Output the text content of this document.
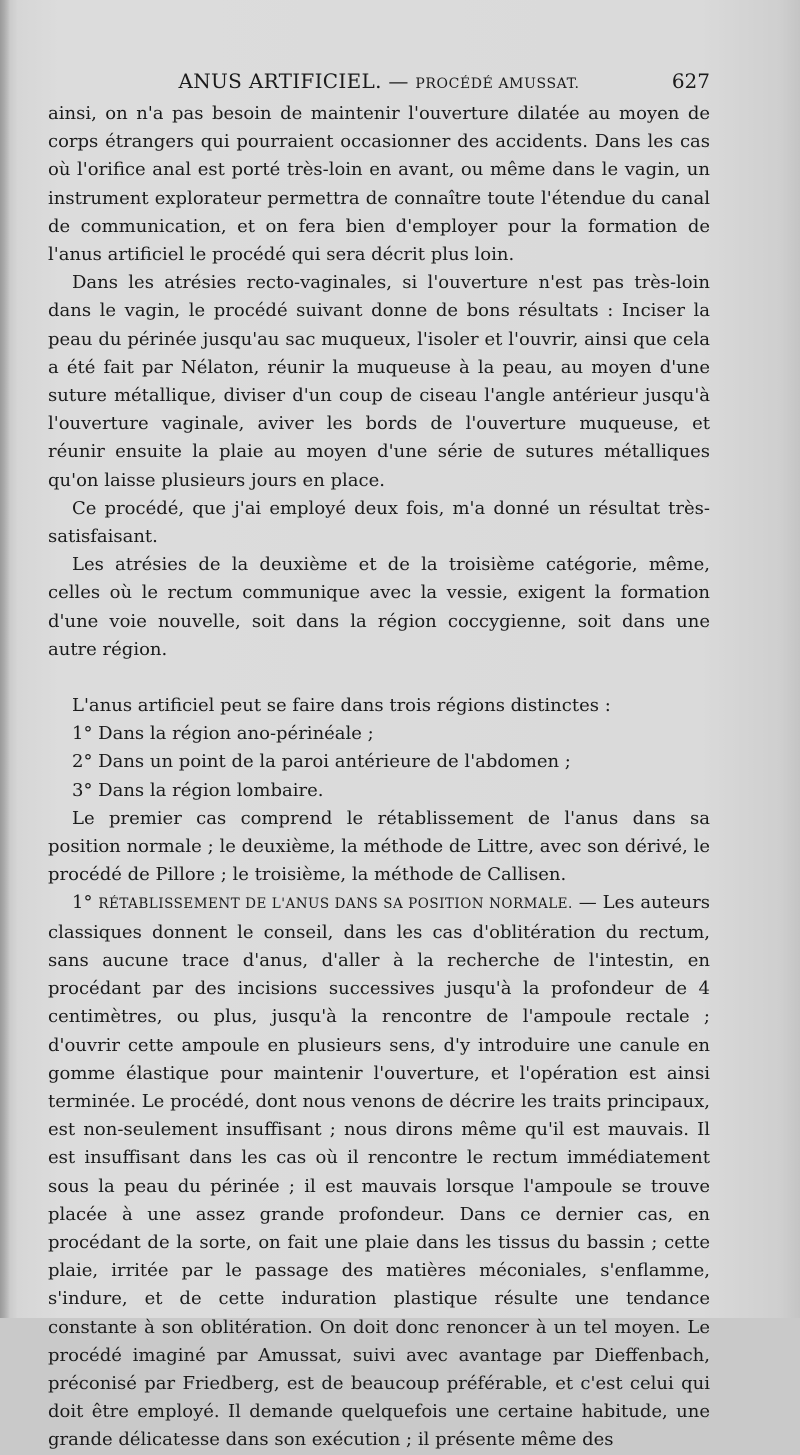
ANUS ARTIFICIEL. — PROCÉDÉ AMUSSAT.	627

ainsi, on n'a pas besoin de maintenir l'ouverture dilatée au moyen de corps étrangers qui pourraient occasionner des accidents. Dans les cas où l'orifice anal est porté très-loin en avant, ou même dans le vagin, un instrument explorateur permettra de connaître toute l'étendue du canal de communication, et on fera bien d'employer pour la formation de l'anus artificiel le procédé qui sera décrit plus loin.

Dans les atrésies recto-vaginales, si l'ouverture n'est pas très-loin dans le vagin, le procédé suivant donne de bons résultats : Inciser la peau du périnée jusqu'au sac muqueux, l'isoler et l'ouvrir, ainsi que cela a été fait par Nélaton, réunir la muqueuse à la peau, au moyen d'une suture métallique, diviser d'un coup de ciseau l'angle antérieur jusqu'à l'ouverture vaginale, aviver les bords de l'ouverture muqueuse, et réunir ensuite la plaie au moyen d'une série de sutures métalliques qu'on laisse plusieurs jours en place.

Ce procédé, que j'ai employé deux fois, m'a donné un résultat très-satisfaisant.

Les atrésies de la deuxième et de la troisième catégorie, même, celles où le rectum communique avec la vessie, exigent la formation d'une voie nouvelle, soit dans la région coccygienne, soit dans une autre région.

L'anus artificiel peut se faire dans trois régions distinctes :

1° Dans la région ano-périnéale ;

2° Dans un point de la paroi antérieure de l'abdomen ;

3° Dans la région lombaire.

Le premier cas comprend le rétablissement de l'anus dans sa position normale ; le deuxième, la méthode de Littre, avec son dérivé, le procédé de Pillore ; le troisième, la méthode de Callisen.

1° RÉTABLISSEMENT DE L'ANUS DANS SA POSITION NORMALE. — Les auteurs classiques donnent le conseil, dans les cas d'oblitération du rectum, sans aucune trace d'anus, d'aller à la recherche de l'intestin, en procédant par des incisions successives jusqu'à la profondeur de 4 centimètres, ou plus, jusqu'à la rencontre de l'ampoule rectale ; d'ouvrir cette ampoule en plusieurs sens, d'y introduire une canule en gomme élastique pour maintenir l'ouverture, et l'opération est ainsi terminée. Le procédé, dont nous venons de décrire les traits principaux, est non-seulement insuffisant ; nous dirons même qu'il est mauvais. Il est insuffisant dans les cas où il rencontre le rectum immédiatement sous la peau du périnée ; il est mauvais lorsque l'ampoule se trouve placée à une assez grande profondeur. Dans ce dernier cas, en procédant de la sorte, on fait une plaie dans les tissus du bassin ; cette plaie, irritée par le passage des matières méconiales, s'enflamme, s'indure, et de cette induration plastique résulte une tendance constante à son oblitération. On doit donc renoncer à un tel moyen. Le procédé imaginé par Amussat, suivi avec avantage par Dieffenbach, préconisé par Friedberg, est de beaucoup préférable, et c'est celui qui doit être employé. Il demande quelquefois une certaine habitude, une grande délicatesse dans son exécution ; il présente même des
